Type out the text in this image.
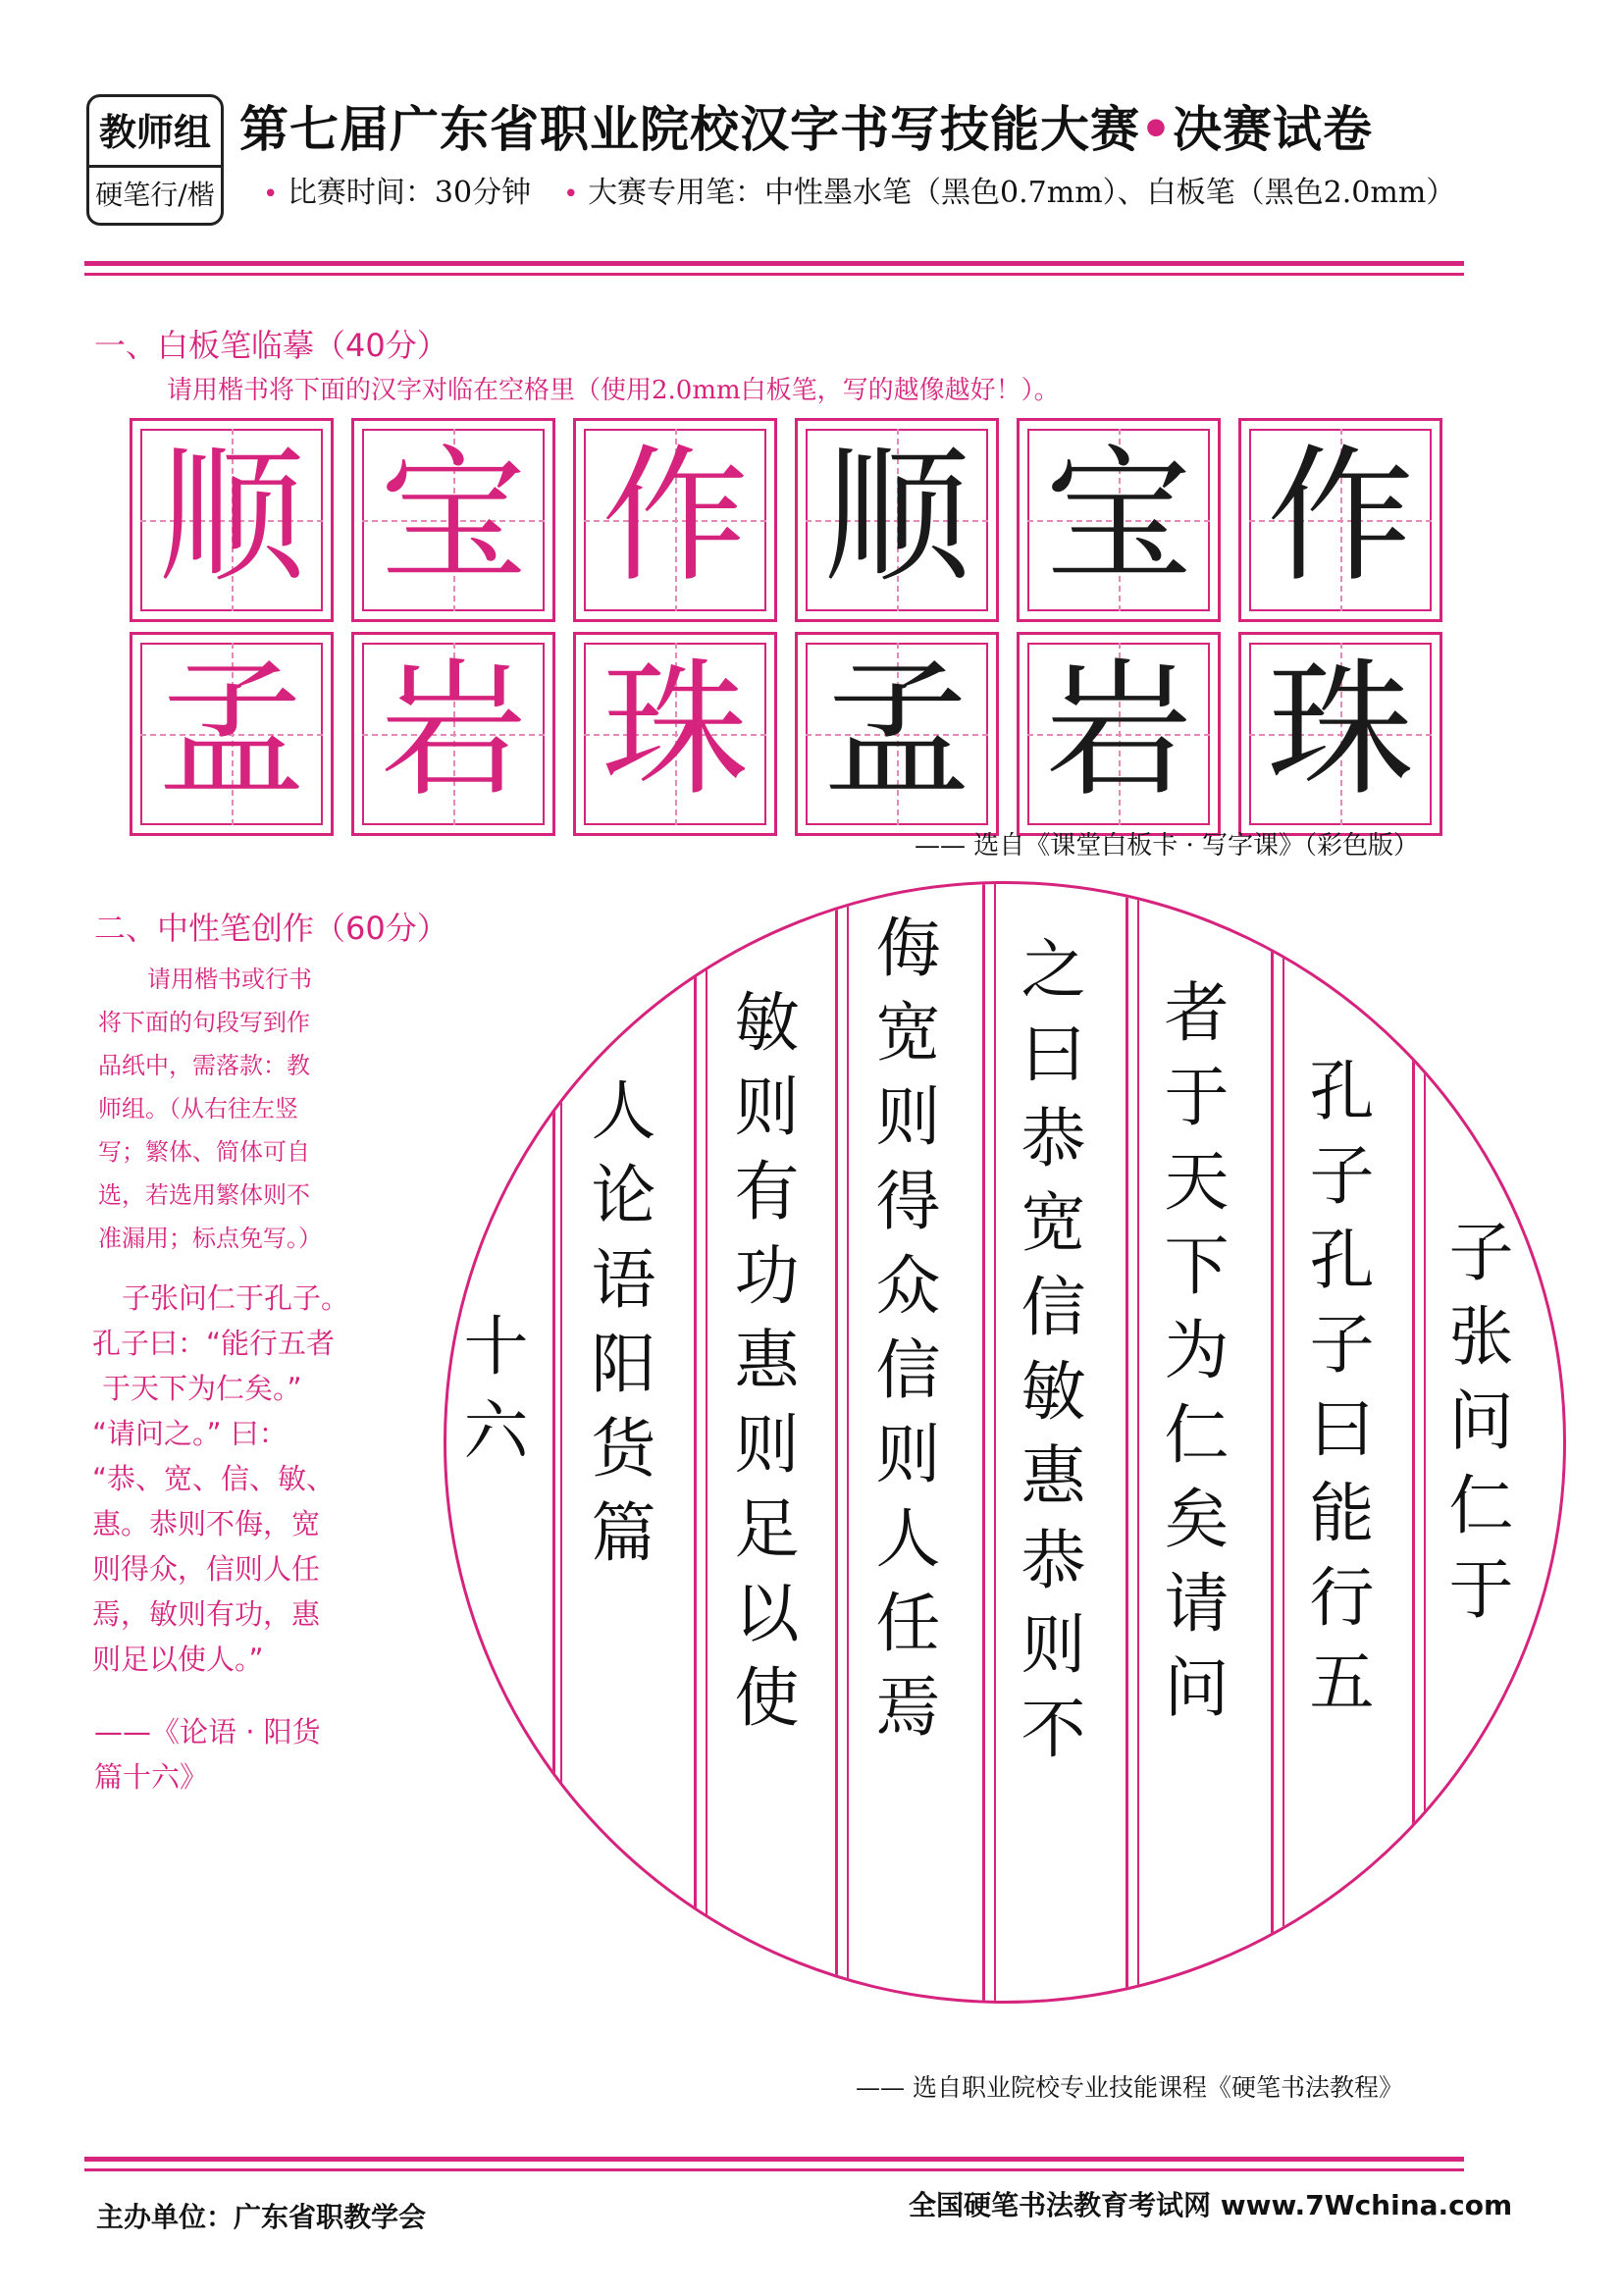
教师组
硬笔行/楷
第七届广东省职业院校汉字书写技能大赛•决赛试卷
• 比赛时间：30分钟 • 大赛专用笔：中性墨水笔（黑色0.7mm）、白板笔（黑色2.0mm）
一、白板笔临摹（40分）
请用楷书将下面的汉字对临在空格里（使用2.0mm白板笔，写的越像越好！）。
顺 宝 作 顺 宝 作
孟 岩 珠 孟 岩 珠
—— 选自《课堂白板卡 · 写字课》（彩色版）
二、中性笔创作（60分）
请用楷书或行书
将下面的句段写到作
品纸中，需落款：教
师组。（从右往左竖
写；繁体、简体可自
选，若选用繁体则不
准漏用；标点免写。）
子张问仁于孔子。
孔子曰：“能行五者
于天下为仁矣。”
“请问之。” 曰：
“恭、宽、信、敏、
惠。恭则不侮，宽
则得众，信则人任
焉，敏则有功，惠
则足以使人。”
——《论语 · 阳货
篇十六》
子张问仁于
孔子孔子曰能行五
者于天下为仁矣请问
之曰恭宽信敏惠恭则不
侮宽则得众信则人任焉
敏则有功惠则足以使
人论语阳货篇
十六
—— 选自职业院校专业技能课程《硬笔书法教程》
主办单位：广东省职教学会	全国硬笔书法教育考试网 www.7Wchina.com
